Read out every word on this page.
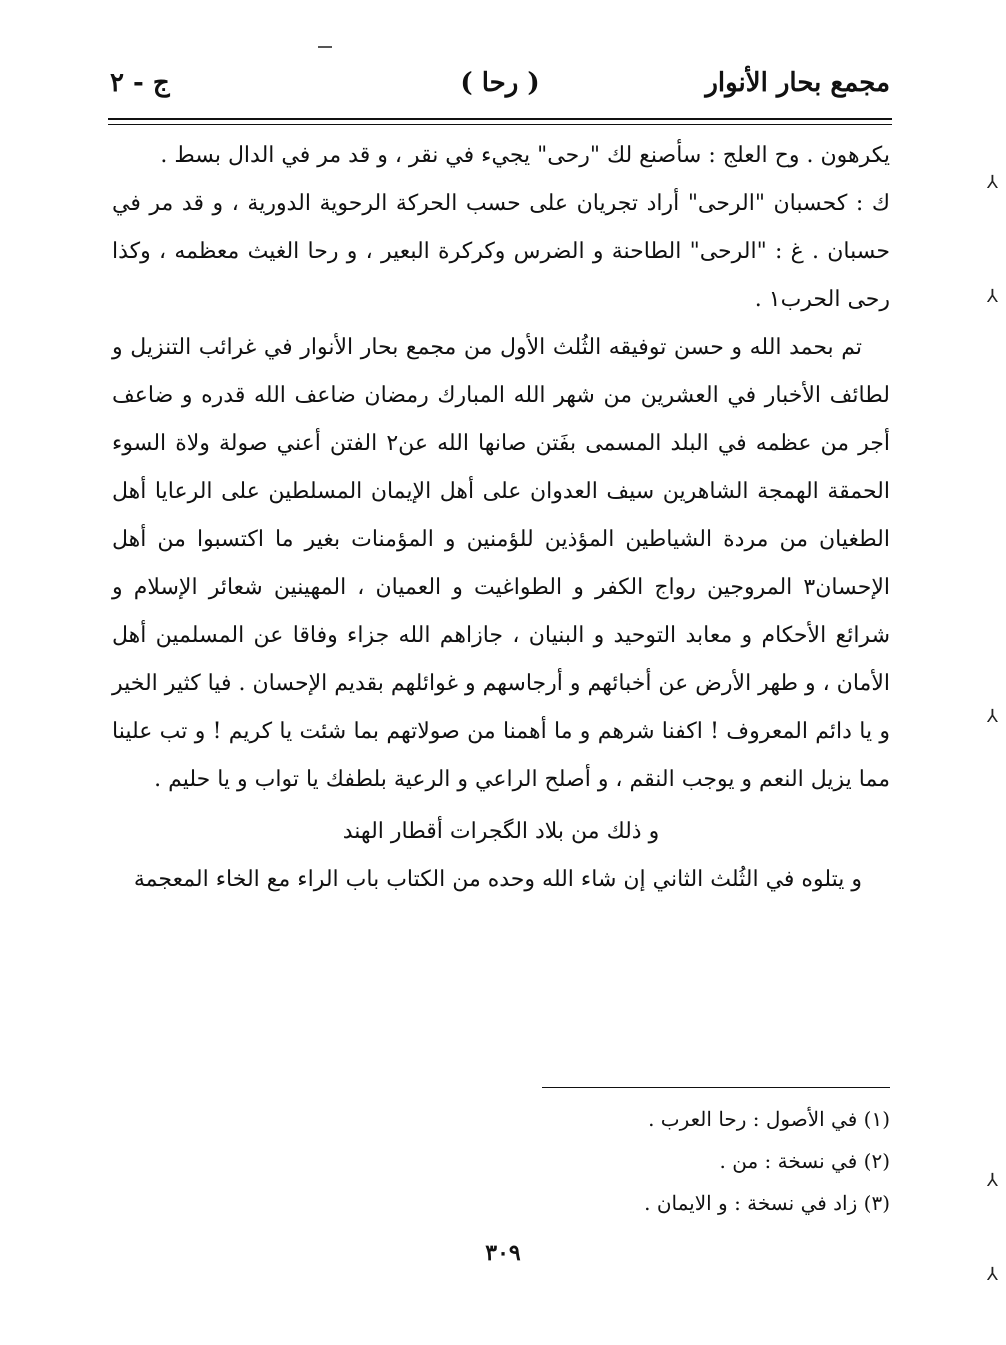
مجمع بحار الأنوار
( رحا )
ج - ٢

يكرهون . وح العلج : سأصنع لك "رحى" يجيء في نقر ، و قد مر في الدال بسط .

ك : كحسبان "الرحى" أراد تجريان على حسب الحركة الرحوية الدورية ، و قد مر في حسبان . غ : "الرحى" الطاحنة و الضرس وكركرة البعير ، و رحا الغيث معظمه ، وكذا رحى الحرب١ .

تم بحمد الله و حسن توفيقه الثُلث الأول من مجمع بحار الأنوار في غرائب التنزيل و لطائف الأخبار في العشرين من شهر الله المبارك رمضان ضاعف الله قدره و ضاعف أجر من عظمه في البلد المسمى بفَتن صانها الله عن٢ الفتن أعني صولة ولاة السوء الحمقة الهمجة الشاهرين سيف العدوان على أهل الإيمان المسلطين على الرعايا أهل الطغيان من مردة الشياطين المؤذين للؤمنين و المؤمنات بغير ما اكتسبوا من أهل الإحسان٣ المروجين رواج الكفر و الطواغيت و العميان ، المهينين شعائر الإسلام و شرائع الأحكام و معابد التوحيد و البنيان ، جازاهم الله جزاء وفاقا عن المسلمين أهل الأمان ، و طهر الأرض عن أخبائهم و أرجاسهم و غوائلهم بقديم الإحسان . فيا كثير الخير و يا دائم المعروف ! اكفنا شرهم و ما أهمنا من صولاتهم بما شئت يا كريم ! و تب علينا مما يزيل النعم و يوجب النقم ، و أصلح الراعي و الرعية بلطفك يا تواب و يا حليم .

و ذلك من بلاد الگجرات أقطار الهند

و يتلوه في الثُلث الثاني إن شاء الله وحده من الكتاب باب الراء مع الخاء المعجمة

(١) في الأصول : رحا العرب .
(٢) في نسخة : من .
(٣) زاد في نسخة : و الايمان .
٣٠٩
⅄
⅄
⅄
⅄
⅄
